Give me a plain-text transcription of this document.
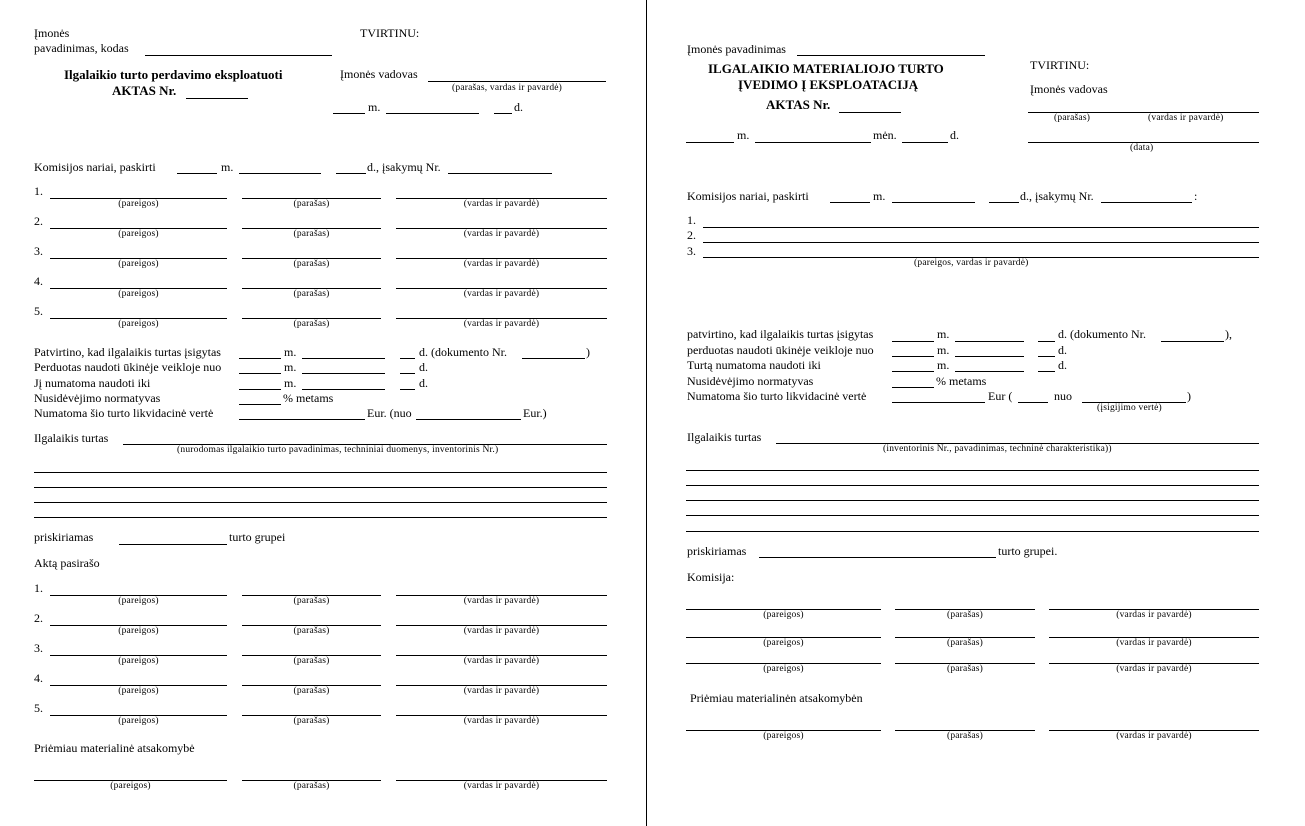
Įmonės
pavadinimas, kodas
TVIRTINU:
Ilgalaikio turto perdavimo eksploatuoti
AKTAS Nr.
Įmonės vadovas
(parašas, vardas ir pavardė)
m.	d.
Komisijos nariai, paskirti	m.	d., įsakymų Nr.
1.
(pareigos)	(parašas)	(vardas ir pavardė)
2.
(pareigos)	(parašas)	(vardas ir pavardė)
3.
(pareigos)	(parašas)	(vardas ir pavardė)
4.
(pareigos)	(parašas)	(vardas ir pavardė)
5.
(pareigos)	(parašas)	(vardas ir pavardė)
Patvirtino, kad ilgalaikis turtas įsigytas	m.	d. (dokumento Nr.	)
Perduotas naudoti ūkinėje veikloje nuo	m.	d.
Jį numatoma naudoti iki	m.	d.
Nusidėvėjimo normatyvas	% metams
Numatoma šio turto likvidacinė vertė	Eur. (nuo	Eur.)
Ilgalaikis turtas
(nurodomas ilgalaikio turto pavadinimas, techniniai duomenys, inventorinis Nr.)
priskiriamas	turto grupei
Aktą pasirašo
1.
(pareigos)	(parašas)	(vardas ir pavardė)
2.
(pareigos)	(parašas)	(vardas ir pavardė)
3.
(pareigos)	(parašas)	(vardas ir pavardė)
4.
(pareigos)	(parašas)	(vardas ir pavardė)
5.
(pareigos)	(parašas)	(vardas ir pavardė)
Priėmiau materialinė atsakomybė
(pareigos)	(parašas)	(vardas ir pavardė)
Įmonės pavadinimas
ILGALAIKIO MATERIALIOJO TURTO
ĮVEDIMO Į EKSPLOATACIJĄ
AKTAS Nr.
TVIRTINU:
Įmonės vadovas
(parašas)	(vardas ir pavardė)
(data)
m.	mėn.	d.
Komisijos nariai, paskirti	m.	d., įsakymų Nr.	:
1.
2.
3.
(pareigos, vardas ir pavardė)
patvirtino, kad ilgalaikis turtas įsigytas	m.	d. (dokumento Nr.	),
perduotas naudoti ūkinėje veikloje nuo	m.	d.
Turtą numatoma naudoti iki	m.	d.
Nusidėvėjimo normatyvas	% metams
Numatoma šio turto likvidacinė vertė	Eur (	nuo	)
(įsigijimo vertė)
Ilgalaikis turtas
(inventorinis Nr., pavadinimas, techninė charakteristika))
priskiriamas	turto grupei.
Komisija:
(pareigos)	(parašas)	(vardas ir pavardė)
(pareigos)	(parašas)	(vardas ir pavardė)
(pareigos)	(parašas)	(vardas ir pavardė)
Priėmiau materialinėn atsakomybėn
(pareigos)	(parašas)	(vardas ir pavardė)
